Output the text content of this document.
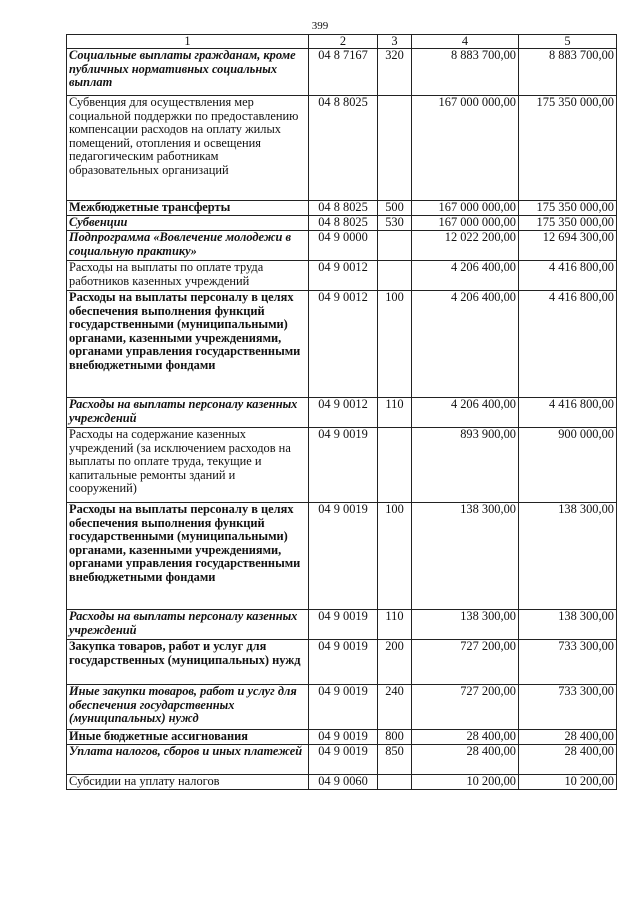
399
1	2	3	4	5
Социальные выплаты гражданам, кроме публичных нормативных социальных выплат	04 8 7167	320	8 883 700,00	8 883 700,00
Субвенция для осуществления мер социальной поддержки по предоставлению компенсации расходов на оплату жилых помещений, отопления и освещения педагогическим работникам образовательных организаций	04 8 8025		167 000 000,00	175 350 000,00
Межбюджетные трансферты	04 8 8025	500	167 000 000,00	175 350 000,00
Субвенции	04 8 8025	530	167 000 000,00	175 350 000,00
Подпрограмма «Вовлечение молодежи в социальную практику»	04 9 0000		12 022 200,00	12 694 300,00
Расходы на выплаты по оплате труда работников казенных учреждений	04 9 0012		4 206 400,00	4 416 800,00
Расходы на выплаты персоналу в целях обеспечения выполнения функций государственными (муниципальными) органами, казенными учреждениями, органами управления государственными внебюджетными фондами	04 9 0012	100	4 206 400,00	4 416 800,00
Расходы на выплаты персоналу казенных учреждений	04 9 0012	110	4 206 400,00	4 416 800,00
Расходы на содержание казенных учреждений (за исключением расходов на выплаты по оплате труда, текущие и капитальные ремонты зданий и сооружений)	04 9 0019		893 900,00	900 000,00
Расходы на выплаты персоналу в целях обеспечения выполнения функций государственными (муниципальными) органами, казенными учреждениями, органами управления государственными внебюджетными фондами	04 9 0019	100	138 300,00	138 300,00
Расходы на выплаты персоналу казенных учреждений	04 9 0019	110	138 300,00	138 300,00
Закупка товаров, работ и услуг для государственных (муниципальных) нужд	04 9 0019	200	727 200,00	733 300,00
Иные закупки товаров, работ и услуг для обеспечения государственных (муниципальных) нужд	04 9 0019	240	727 200,00	733 300,00
Иные бюджетные ассигнования	04 9 0019	800	28 400,00	28 400,00
Уплата налогов, сборов и иных платежей	04 9 0019	850	28 400,00	28 400,00
Субсидии на уплату налогов	04 9 0060		10 200,00	10 200,00
